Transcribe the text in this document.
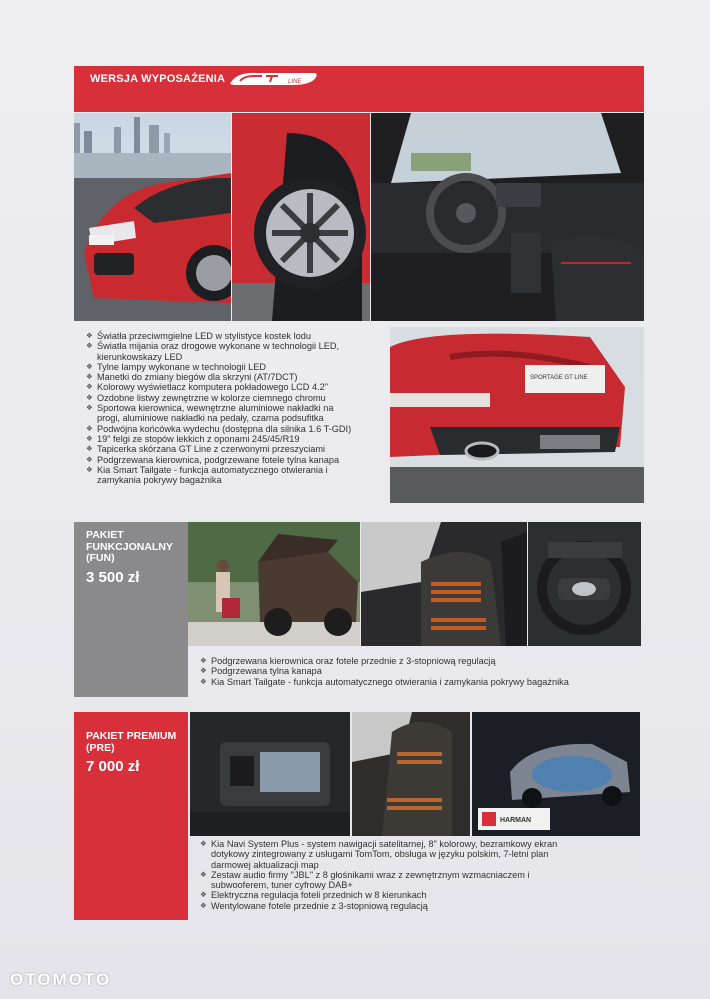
WERSJA WYPOSAŻENIA	LINE
❖ Światła przeciwmgielne LED w stylistyce kostek lodu
❖ Światła mijania oraz drogowe wykonane w technologii LED,
kierunkowskazy LED
❖ Tylne lampy wykonane w technologii LED
❖ Manetki do zmiany biegów dla skrzyni (AT/7DCT)
❖ Kolorowy wyświetlacz komputera pokładowego LCD 4.2"
❖ Ozdobne listwy zewnętrzne w kolorze ciemnego chromu
❖ Sportowa kierownica, wewnętrzne aluminiowe nakładki na
progi, aluminiowe nakładki na pedały, czarna podsufitka
❖ Podwójna końcówka wydechu (dostępna dla silnika 1.6 T-GDI)
❖ 19" felgi ze stopów lekkich z oponami 245/45/R19
❖ Tapicerka skórzana GT Line z czerwonymi przeszyciami
❖ Podgrzewana kierownica, podgrzewane fotele tylna kanapa
❖ Kia Smart Tailgate - funkcja automatycznego otwierania i
zamykania pokrywy bagażnika
SPORTAGE GT LINE
PAKIET
FUNKCJONALNY
(FUN)
3 500 zł
❖ Podgrzewana kierownica oraz fotele przednie z 3-stopniową regulacją
❖ Podgrzewana tylna kanapa
❖ Kia Smart Tailgate - funkcja automatycznego otwierania i zamykania pokrywy bagażnika
PAKIET PREMIUM
(PRE)
7 000 zł
HARMAN
❖ Kia Navi System Plus - system nawigacji satelitarnej, 8" kolorowy, bezramkowy ekran
dotykowy zintegrowany z usługami TomTom, obsługa w języku polskim, 7-letni plan
darmowej aktualizacji map
❖ Zestaw audio firmy "JBL" z 8 głośnikami wraz z zewnętrznym wzmacniaczem i
subwooferem, tuner cyfrowy DAB+
❖ Elektryczna regulacja foteli przednich w 8 kierunkach
❖ Wentylowane fotele przednie z 3-stopniową regulacją
OTOMOTO
